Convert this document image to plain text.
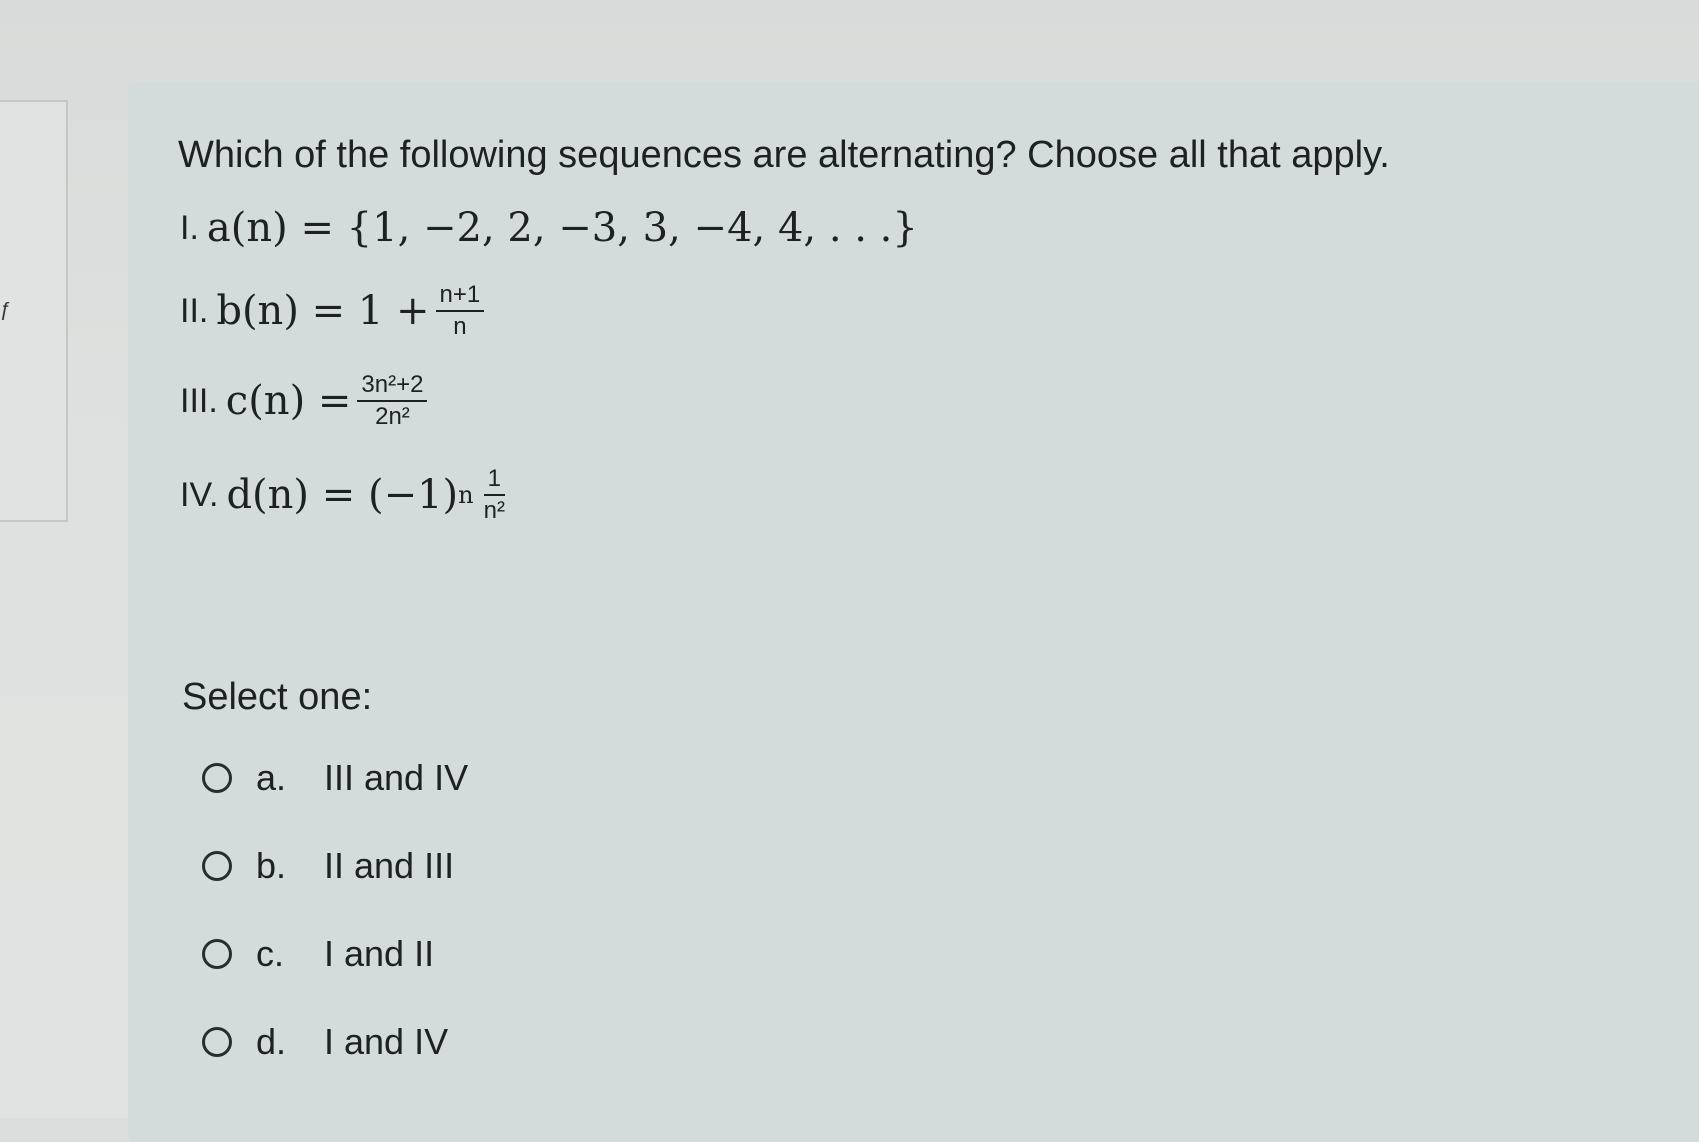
ƒ
Which of the following sequences are alternating? Choose all that apply.
I. a(n) = {1, −2, 2, −3, 3, −4, 4, . . .}
II. $b(n) = 1 + \frac{n+1}{n}$
III. $c(n) = \frac{\text{3n²+2}}{\text{2n²}}$
IV. d(n) = (−1) n $\frac{1}{\text{n²}}$
Select one:
a.	III and IV
b.	II and III
c.	I and II
d.	I and IV
